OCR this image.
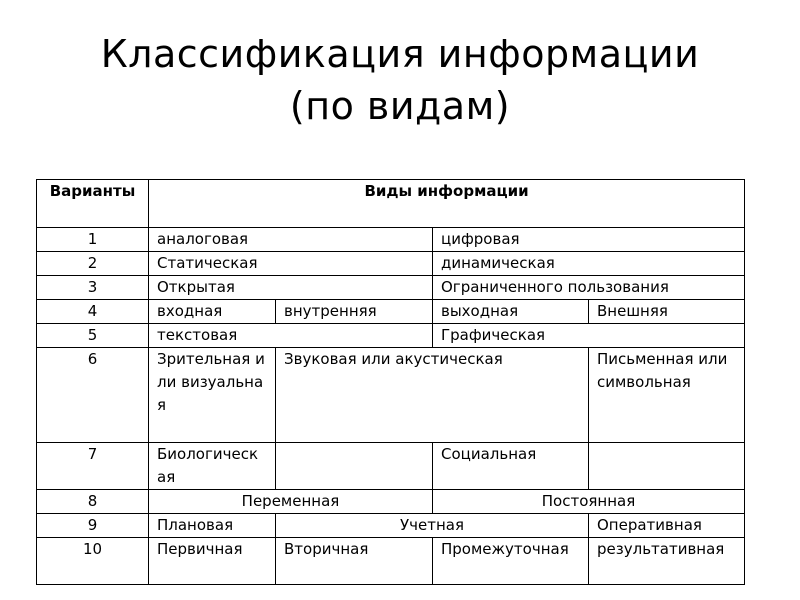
Классификация информации
(по видам)
Варианты	Виды информации			
1	аналоговая		цифровая	
2	Статическая		динамическая	
3	Открытая		Ограниченного пользования	
4	входная	внутренняя	выходная	Внешняя
5	текстовая		Графическая	
6	Зрительная или визуальная	Звуковая или акустическая		Письменная или символьная
7	Биологическая		Социальная	
8	Переменная		Постоянная	
9	Плановая	Учетная		Оперативная
10	Первичная	Вторичная	Промежуточная	результативная
